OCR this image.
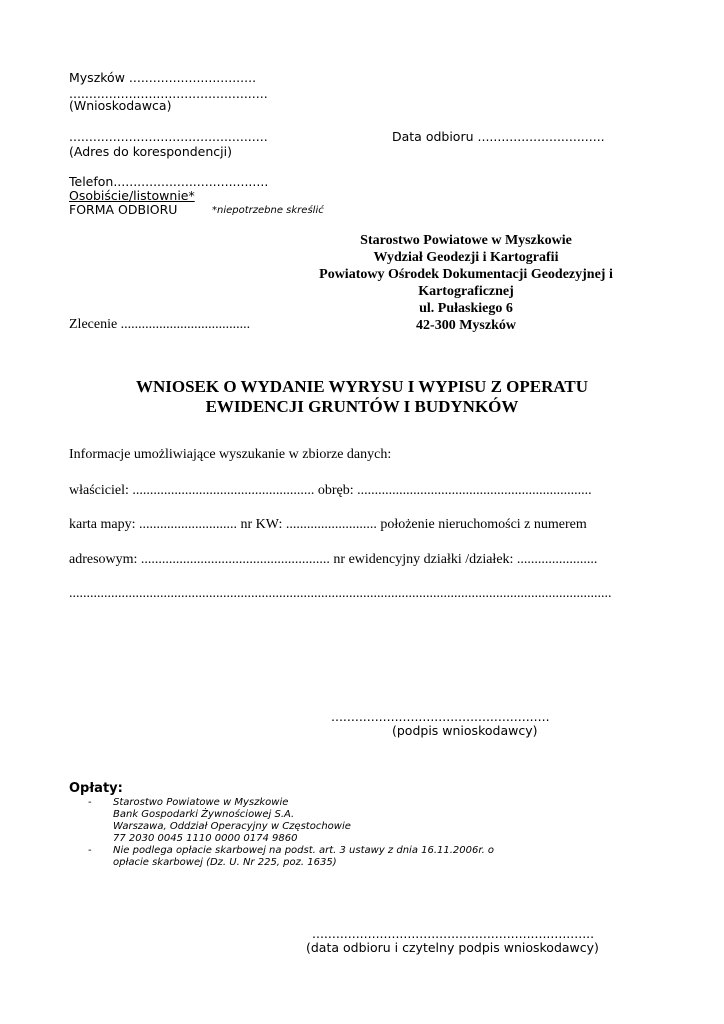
Myszków ................................
..................................................
(Wnioskodawca)
..................................................	Data odbioru ................................
(Adres do korespondencji)
Telefon.......................................
Osobiście/listownie*
FORMA ODBIORU	*niepotrzebne skreślić
Starostwo Powiatowe w Myszkowie
Wydział Geodezji i Kartografii
Powiatowy Ośrodek Dokumentacji Geodezyjnej i
Kartograficznej
ul. Pułaskiego 6
42-300 Myszków
Zlecenie .....................................
WNIOSEK O WYDANIE WYRYSU I WYPISU Z OPERATU
EWIDENCJI GRUNTÓW I BUDYNKÓW
Informacje umożliwiające wyszukanie w zbiorze danych:
właściciel: .................................................... obręb: ...................................................................
karta mapy: ............................ nr KW: .......................... położenie nieruchomości z numerem
adresowym: ...................................................... nr ewidencyjny działki /działek: .......................
...........................................................................................................................................................
.......................................................
(podpis wnioskodawcy)
Opłaty:
- Starostwo Powiatowe w Myszkowie
Bank Gospodarki Żywnościowej S.A.
Warszawa, Oddział Operacyjny w Częstochowie
77 2030 0045 1110 0000 0174 9860
- Nie podlega opłacie skarbowej na podst. art. 3 ustawy z dnia 16.11.2006r. o
opłacie skarbowej (Dz. U. Nr 225, poz. 1635)
.......................................................................
(data odbioru i czytelny podpis wnioskodawcy)
